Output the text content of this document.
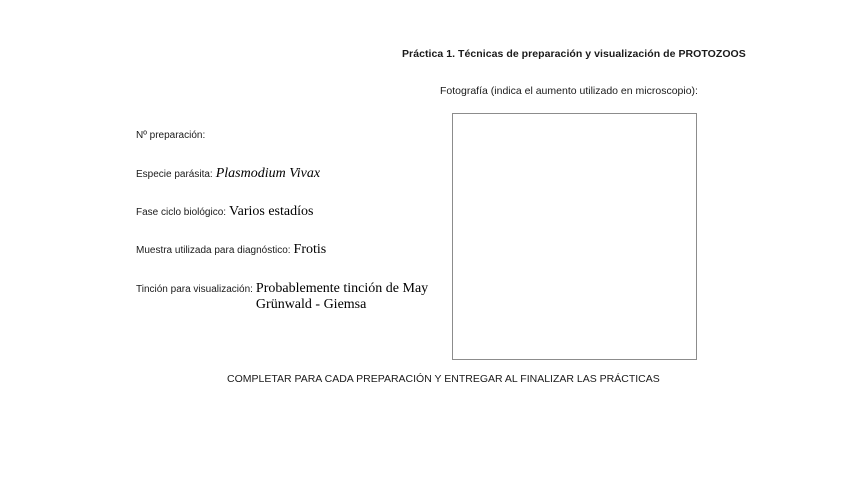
Práctica 1. Técnicas de preparación y visualización de PROTOZOOS
Fotografía (indica el aumento utilizado en microscopio):
Nº preparación:
Especie parásita: Plasmodium Vivax
Fase ciclo biológico: Varios estadíos
Muestra utilizada para diagnóstico: Frotis
Tinción para visualización: Probablemente tinción de May
Grünwald - Giemsa
COMPLETAR PARA CADA PREPARACIÓN Y ENTREGAR AL FINALIZAR LAS PRÁCTICAS
